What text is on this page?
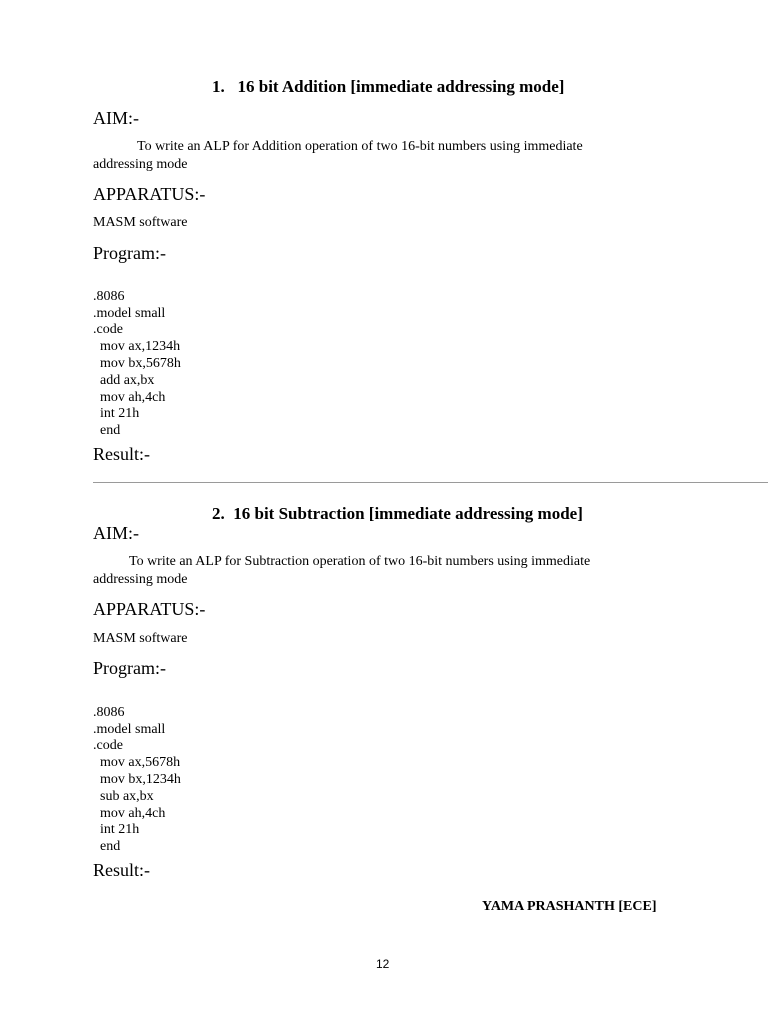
1. 16 bit Addition [immediate addressing mode]
AIM:-
To write an ALP for Addition operation of two 16-bit numbers using immediate
addressing mode
APPARATUS:-
MASM software
Program:-

.8086
.model small
.code
mov ax,1234h
mov bx,5678h
add ax,bx
mov ah,4ch
int 21h
end

Result:-
2. 16 bit Subtraction [immediate addressing mode]
AIM:-
To write an ALP for Subtraction operation of two 16-bit numbers using immediate
addressing mode
APPARATUS:-
MASM software
Program:-

.8086
.model small
.code
mov ax,5678h
mov bx,1234h
sub ax,bx
mov ah,4ch
int 21h
end

Result:-
YAMA PRASHANTH [ECE]
12
